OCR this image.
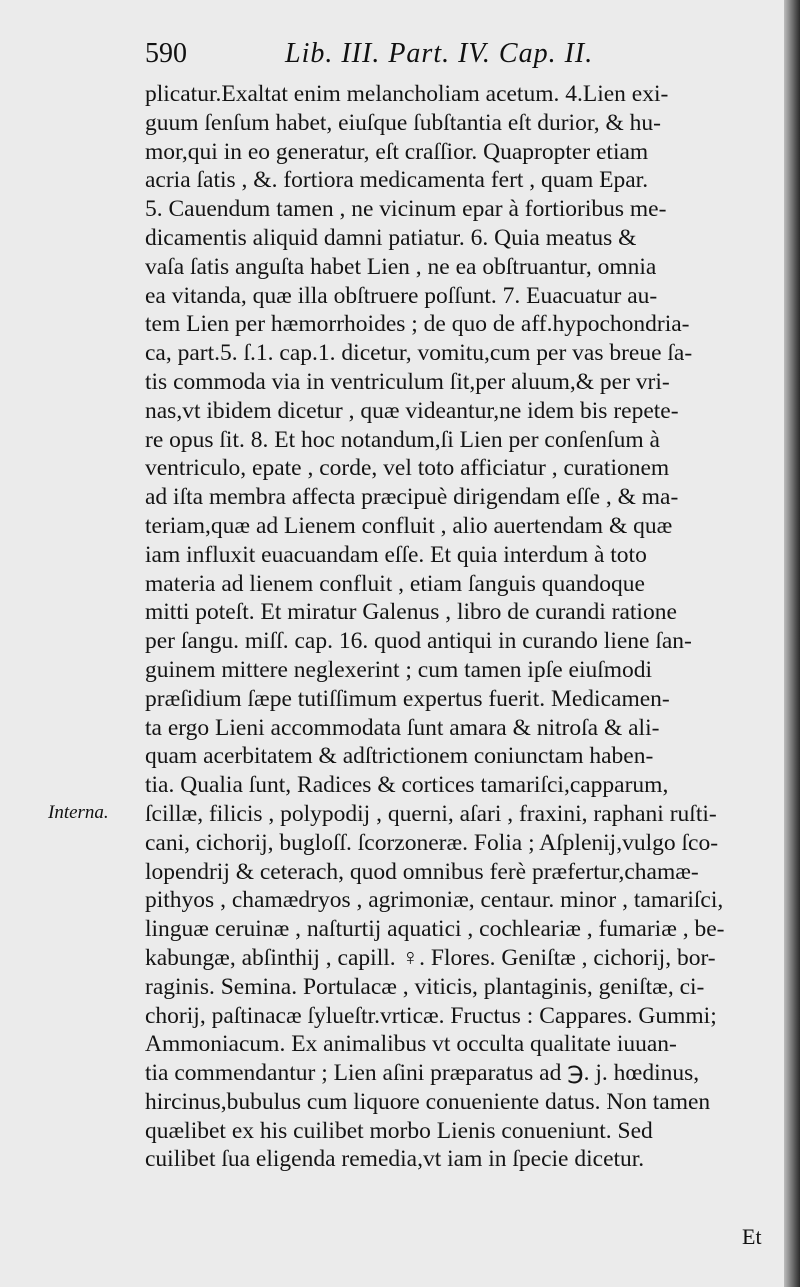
590	Lib. III. Part. IV. Cap. II.
Interna.
plicatur.Exaltat enim melancholiam acetum. 4.Lien exi-
guum ſenſum habet, eiuſque ſubſtantia eſt durior, & hu-
mor,qui in eo generatur, eſt craſſior. Quapropter etiam
acria ſatis , &. fortiora medicamenta fert , quam Epar.
5. Cauendum tamen , ne vicinum epar à fortioribus me-
dicamentis aliquid damni patiatur. 6. Quia meatus &
vaſa ſatis anguſta habet Lien , ne ea obſtruantur, omnia
ea vitanda, quæ illa obſtruere poſſunt. 7. Euacuatur au-
tem Lien per hæmorrhoides ; de quo de aff.hypochondria-
ca, part.5. ſ.1. cap.1. dicetur, vomitu,cum per vas breue ſa-
tis commoda via in ventriculum ſit,per aluum,& per vri-
nas,vt ibidem dicetur , quæ videantur,ne idem bis repete-
re opus ſit. 8. Et hoc notandum,ſi Lien per conſenſum à
ventriculo, epate , corde, vel toto afficiatur , curationem
ad iſta membra affecta præcipuè dirigendam eſſe , & ma-
teriam,quæ ad Lienem confluit , alio auertendam & quæ
iam influxit euacuandam eſſe. Et quia interdum à toto
materia ad lienem confluit , etiam ſanguis quandoque
mitti poteſt. Et miratur Galenus , libro de curandi ratione
per ſangu. miſſ. cap. 16. quod antiqui in curando liene ſan-
guinem mittere neglexerint ; cum tamen ipſe eiuſmodi
præſidium ſæpe tutiſſimum expertus fuerit. Medicamen-
ta ergo Lieni accommodata ſunt amara & nitroſa & ali-
quam acerbitatem & adſtrictionem coniunctam haben-
tia. Qualia ſunt, Radices & cortices tamariſci,capparum,
ſcillæ, filicis , polypodij , querni, aſari , fraxini, raphani ruſti-
cani, cichorij, bugloſſ. ſcorzoneræ. Folia ; Aſplenij,vulgo ſco-
lopendrij & ceterach, quod omnibus ferè præfertur,chamæ-
pithyos , chamædryos , agrimoniæ, centaur. minor , tamariſci,
linguæ ceruinæ , naſturtij aquatici , cochleariæ , fumariæ , be-
kabungæ, abſinthij , capill. ♀. Flores. Geniſtæ , cichorij, bor-
raginis. Semina. Portulacæ , viticis, plantaginis, geniſtæ, ci-
chorij, paſtinacæ ſylueſtr.vrticæ. Fructus : Cappares. Gummi;
Ammoniacum. Ex animalibus vt occulta qualitate iuuan-
tia commendantur ; Lien aſini præparatus ad ℈. j. hœdinus,
hircinus,bubulus cum liquore conueniente datus. Non tamen
quælibet ex his cuilibet morbo Lienis conueniunt. Sed
cuilibet ſua eligenda remedia,vt iam in ſpecie dicetur.
Et
